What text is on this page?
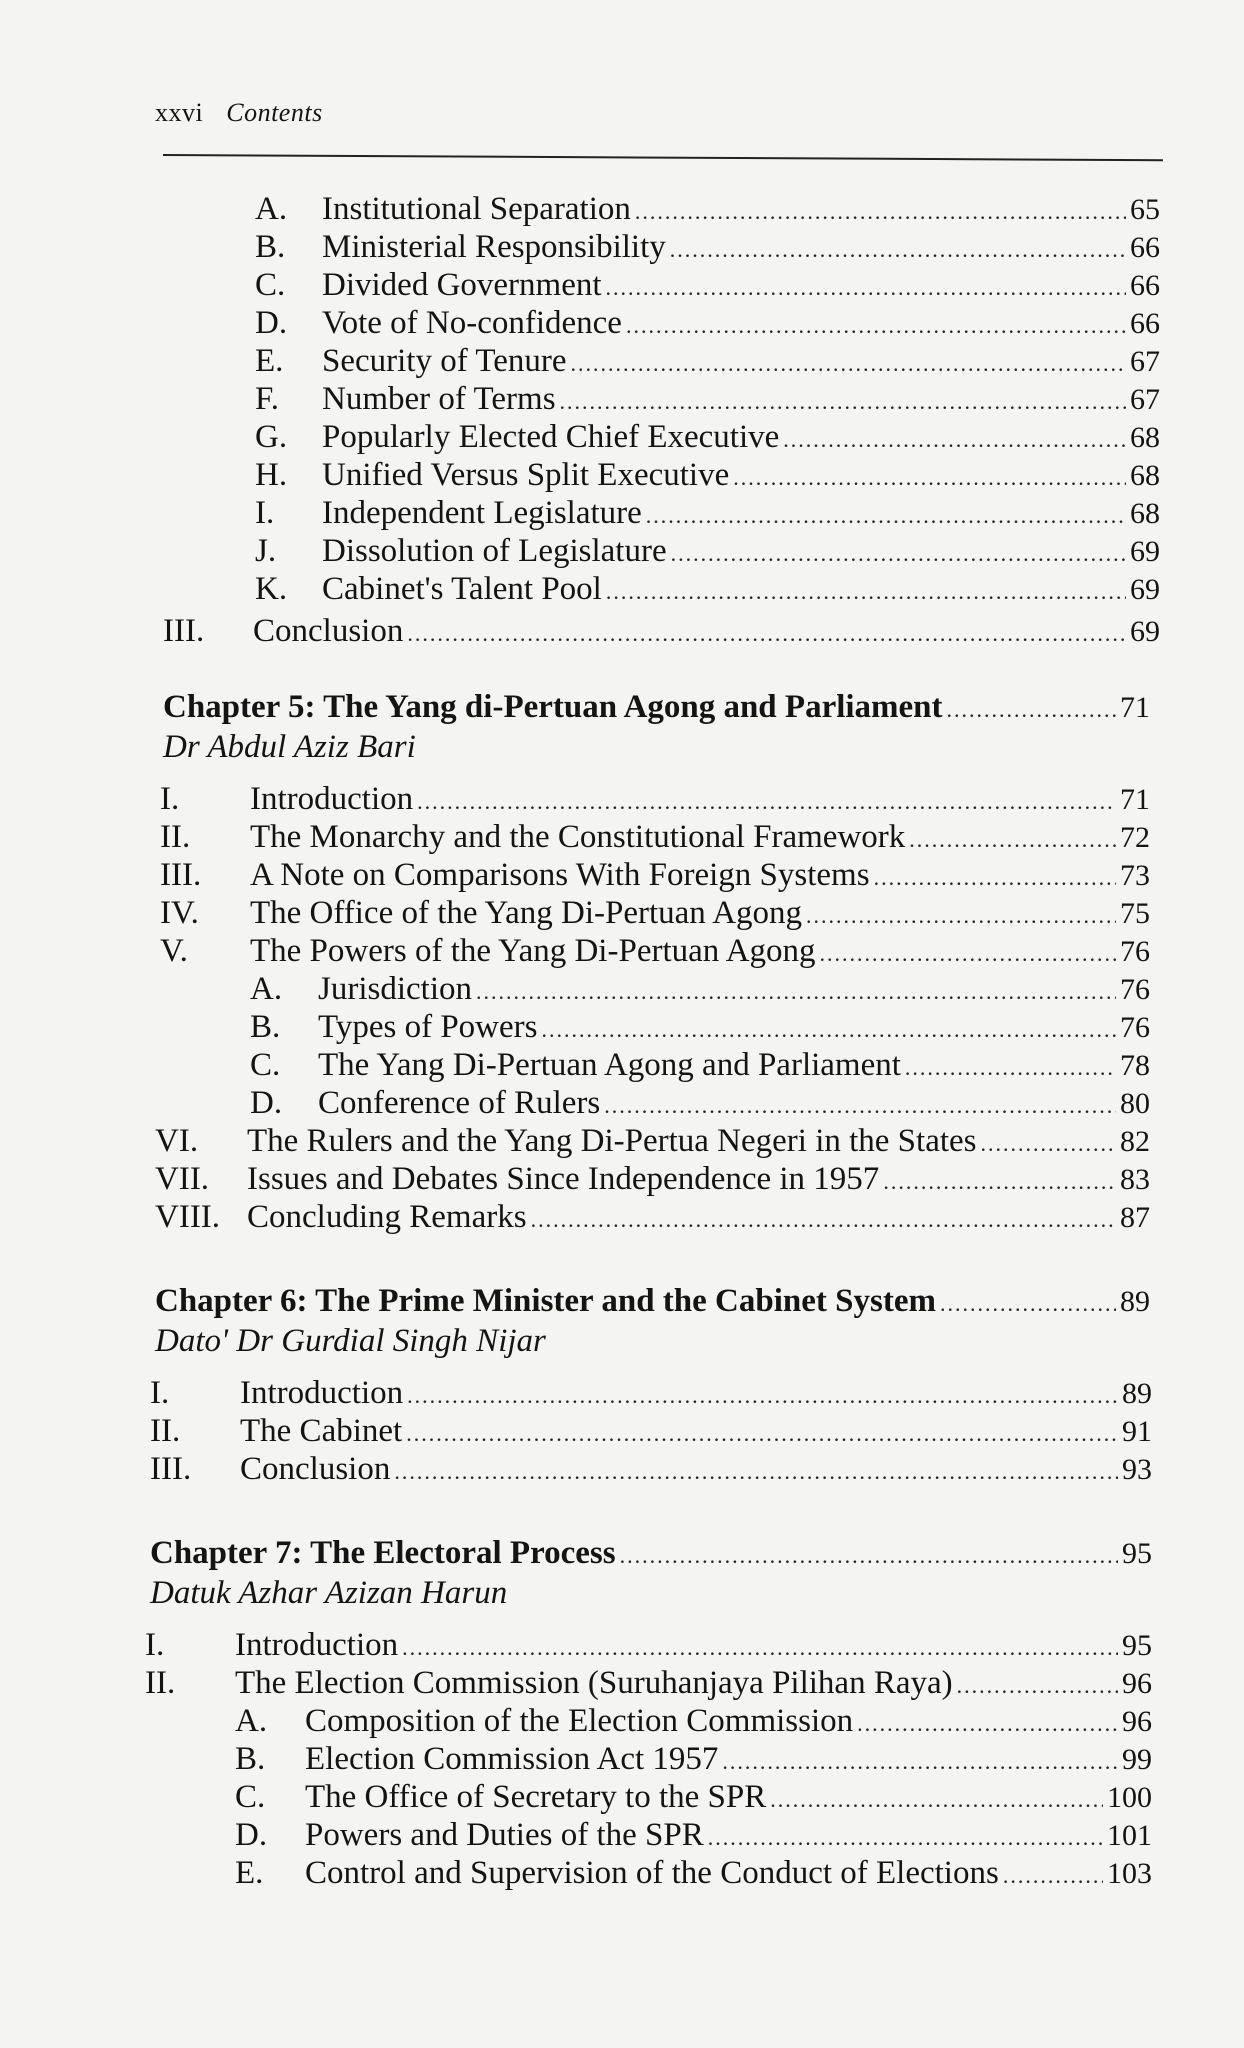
xxvi Contents
A. Institutional Separation .....	65
B. Ministerial Responsibility .....	66
C. Divided Government .....	66
D. Vote of No-confidence .....	66
E. Security of Tenure .....	67
F. Number of Terms .....	67
G. Popularly Elected Chief Executive .....	68
H. Unified Versus Split Executive .....	68
I. Independent Legislature .....	68
J. Dissolution of Legislature .....	69
K. Cabinet's Talent Pool .....	69
III. Conclusion .....	69
Chapter 5: The Yang di-Pertuan Agong and Parliament .....	71
Dr Abdul Aziz Bari
I. Introduction .....	71
II. The Monarchy and the Constitutional Framework .....	72
III. A Note on Comparisons With Foreign Systems .....	73
IV. The Office of the Yang Di-Pertuan Agong .....	75
V. The Powers of the Yang Di-Pertuan Agong .....	76
A. Jurisdiction .....	76
B. Types of Powers .....	76
C. The Yang Di-Pertuan Agong and Parliament .....	78
D. Conference of Rulers .....	80
VI. The Rulers and the Yang Di-Pertua Negeri in the States .....	82
VII. Issues and Debates Since Independence in 1957 .....	83
VIII. Concluding Remarks .....	87
Chapter 6: The Prime Minister and the Cabinet System .....	89
Dato' Dr Gurdial Singh Nijar
I. Introduction .....	89
II. The Cabinet .....	91
III. Conclusion .....	93
Chapter 7: The Electoral Process .....	95
Datuk Azhar Azizan Harun
I. Introduction .....	95
II. The Election Commission (Suruhanjaya Pilihan Raya) .....	96
A. Composition of the Election Commission .....	96
B. Election Commission Act 1957 .....	99
C. The Office of Secretary to the SPR .....	100
D. Powers and Duties of the SPR .....	101
E. Control and Supervision of the Conduct of Elections .....	103
